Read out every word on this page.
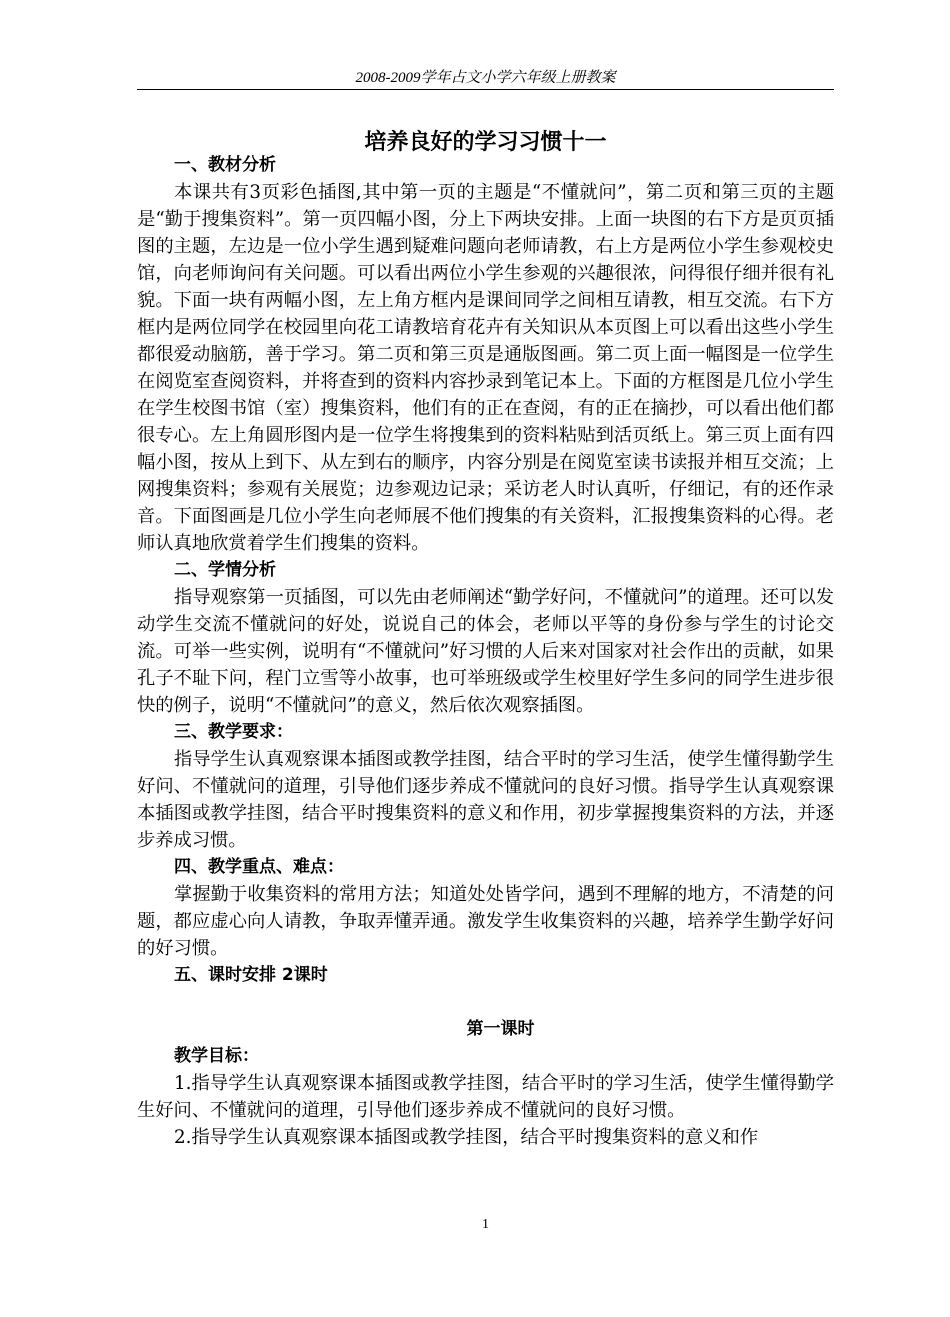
2008-2009学年占文小学六年级上册教案
培养良好的学习习惯十一

一、教材分析

本课共有3页彩色插图,其中第一页的主题是“不懂就问”，第二页和第三页的主题是“勤于搜集资料”。第一页四幅小图，分上下两块安排。上面一块图的右下方是页页插图的主题，左边是一位小学生遇到疑难问题向老师请教，右上方是两位小学生参观校史馆，向老师询问有关问题。可以看出两位小学生参观的兴趣很浓，问得很仔细并很有礼貌。下面一块有两幅小图，左上角方框内是课间同学之间相互请教，相互交流。右下方框内是两位同学在校园里向花工请教培育花卉有关知识从本页图上可以看出这些小学生都很爱动脑筋，善于学习。第二页和第三页是通版图画。第二页上面一幅图是一位学生在阅览室查阅资料，并将查到的资料内容抄录到笔记本上。下面的方框图是几位小学生在学生校图书馆（室）搜集资料，他们有的正在查阅，有的正在摘抄，可以看出他们都很专心。左上角圆形图内是一位学生将搜集到的资料粘贴到活页纸上。第三页上面有四幅小图，按从上到下、从左到右的顺序，内容分别是在阅览室读书读报并相互交流；上网搜集资料；参观有关展览；边参观边记录；采访老人时认真听，仔细记，有的还作录音。下面图画是几位小学生向老师展不他们搜集的有关资料，汇报搜集资料的心得。老师认真地欣赏着学生们搜集的资料。

二、学情分析

指导观察第一页插图，可以先由老师阐述“勤学好问，不懂就问”的道理。还可以发动学生交流不懂就问的好处，说说自己的体会，老师以平等的身份参与学生的讨论交流。可举一些实例，说明有“不懂就问”好习惯的人后来对国家对社会作出的贡献，如果孔子不耻下问，程门立雪等小故事，也可举班级或学生校里好学生多问的同学生进步很快的例子，说明“不懂就问”的意义，然后依次观察插图。

三、教学要求：

指导学生认真观察课本插图或教学挂图，结合平时的学习生活，使学生懂得勤学生好问、不懂就问的道理，引导他们逐步养成不懂就问的良好习惯。指导学生认真观察课本插图或教学挂图，结合平时搜集资料的意义和作用，初步掌握搜集资料的方法，并逐步养成习惯。

四、教学重点、难点：

掌握勤于收集资料的常用方法；知道处处皆学问，遇到不理解的地方，不清楚的问题，都应虚心向人请教，争取弄懂弄通。激发学生收集资料的兴趣，培养学生勤学好问的好习惯。

五、课时安排 2课时

第一课时

教学目标：

1.指导学生认真观察课本插图或教学挂图，结合平时的学习生活，使学生懂得勤学生好问、不懂就问的道理，引导他们逐步养成不懂就问的良好习惯。

2.指导学生认真观察课本插图或教学挂图，结合平时搜集资料的意义和作

1
